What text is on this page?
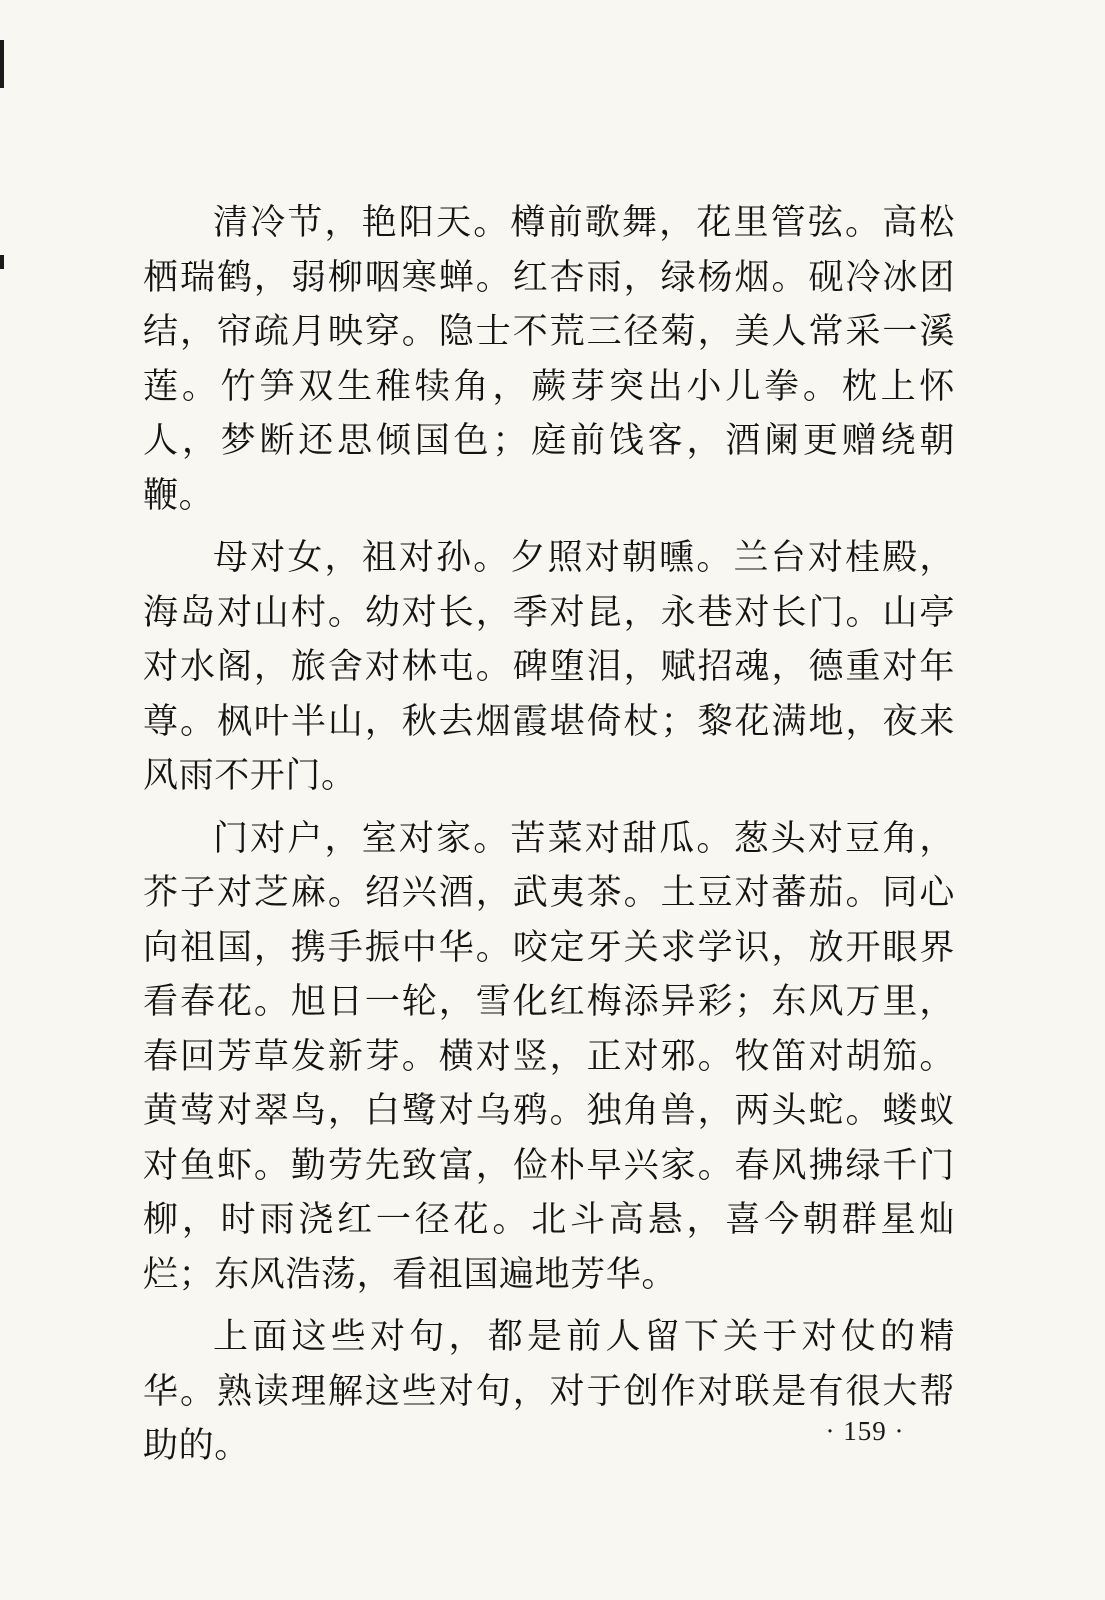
清冷节，艳阳天。樽前歌舞，花里管弦。高松栖瑞鹤，弱柳咽寒蝉。红杏雨，绿杨烟。砚冷冰团结，帘疏月映穿。隐士不荒三径菊，美人常采一溪莲。竹笋双生稚犊角，蕨芽突出小儿拳。枕上怀人，梦断还思倾国色；庭前饯客，酒阑更赠绕朝鞭。

母对女，祖对孙。夕照对朝曛。兰台对桂殿，海岛对山村。幼对长，季对昆，永巷对长门。山亭对水阁，旅舍对林屯。碑堕泪，赋招魂，德重对年尊。枫叶半山，秋去烟霞堪倚杖；黎花满地，夜来风雨不开门。

门对户，室对家。苦菜对甜瓜。葱头对豆角，芥子对芝麻。绍兴酒，武夷茶。土豆对蕃茄。同心向祖国，携手振中华。咬定牙关求学识，放开眼界看春花。旭日一轮，雪化红梅添异彩；东风万里，春回芳草发新芽。横对竖，正对邪。牧笛对胡笳。黄莺对翠鸟，白鹭对乌鸦。独角兽，两头蛇。蝼蚁对鱼虾。勤劳先致富，俭朴早兴家。春风拂绿千门柳，时雨浇红一径花。北斗高悬，喜今朝群星灿烂；东风浩荡，看祖国遍地芳华。

上面这些对句，都是前人留下关于对仗的精华。熟读理解这些对句，对于创作对联是有很大帮助的。	· 159 ·
